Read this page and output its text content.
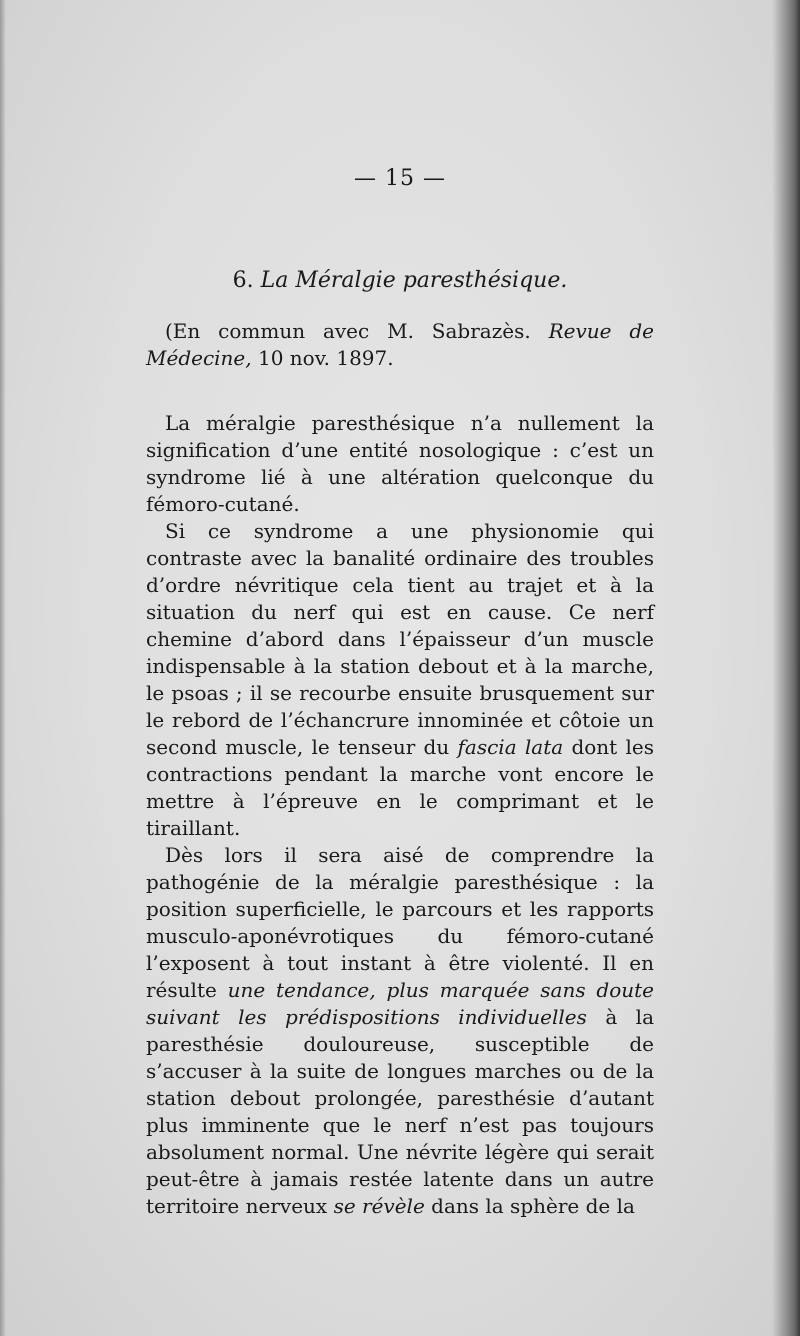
— 15 —
6. La Méralgie paresthésique.
(En commun avec M. Sabrazès. Revue de Médecine, 10 nov. 1897.

La méralgie paresthésique n’a nullement la signification d’une entité nosologique : c’est un syndrome lié à une altération quelconque du fémoro-cutané.

Si ce syndrome a une physionomie qui contraste avec la banalité ordinaire des troubles d’ordre névritique cela tient au trajet et à la situation du nerf qui est en cause. Ce nerf chemine d’abord dans l’épaisseur d’un muscle indispensable à la station debout et à la marche, le psoas ; il se recourbe ensuite brusquement sur le rebord de l’échancrure innominée et côtoie un second muscle, le tenseur du fascia lata dont les contractions pendant la marche vont encore le mettre à l’épreuve en le comprimant et le tiraillant.

Dès lors il sera aisé de comprendre la pathogénie de la méralgie paresthésique : la position superficielle, le parcours et les rapports musculo-aponévrotiques du fémoro-cutané l’exposent à tout instant à être violenté. Il en résulte une tendance, plus marquée sans doute suivant les prédispositions individuelles à la paresthésie douloureuse, susceptible de s’accuser à la suite de longues marches ou de la station debout prolongée, paresthésie d’autant plus imminente que le nerf n’est pas toujours absolument normal. Une névrite légère qui serait peut-être à jamais restée latente dans un autre territoire nerveux se révèle dans la sphère de la
